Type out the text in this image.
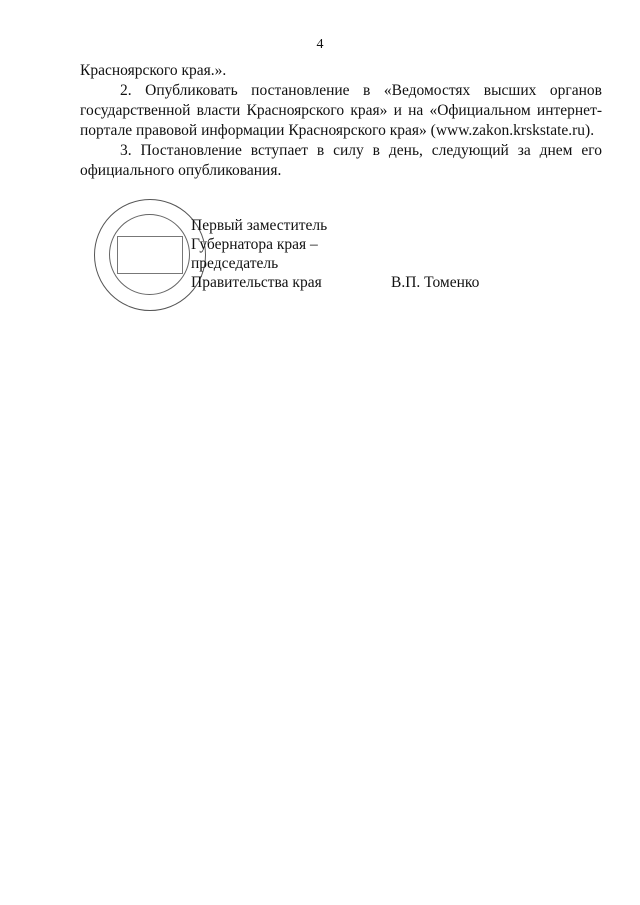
4

Красноярского края.».

2. Опубликовать постановление в «Ведомостях высших органов государственной власти Красноярского края» и на «Официальном интернет-портале правовой информации Красноярского края» (www.zakon.krskstate.ru).

3. Постановление вступает в силу в день, следующий за днем его официального опубликования.

Первый заместитель
Губернатора края –
председатель
Правительства края	В.П. Томенко
